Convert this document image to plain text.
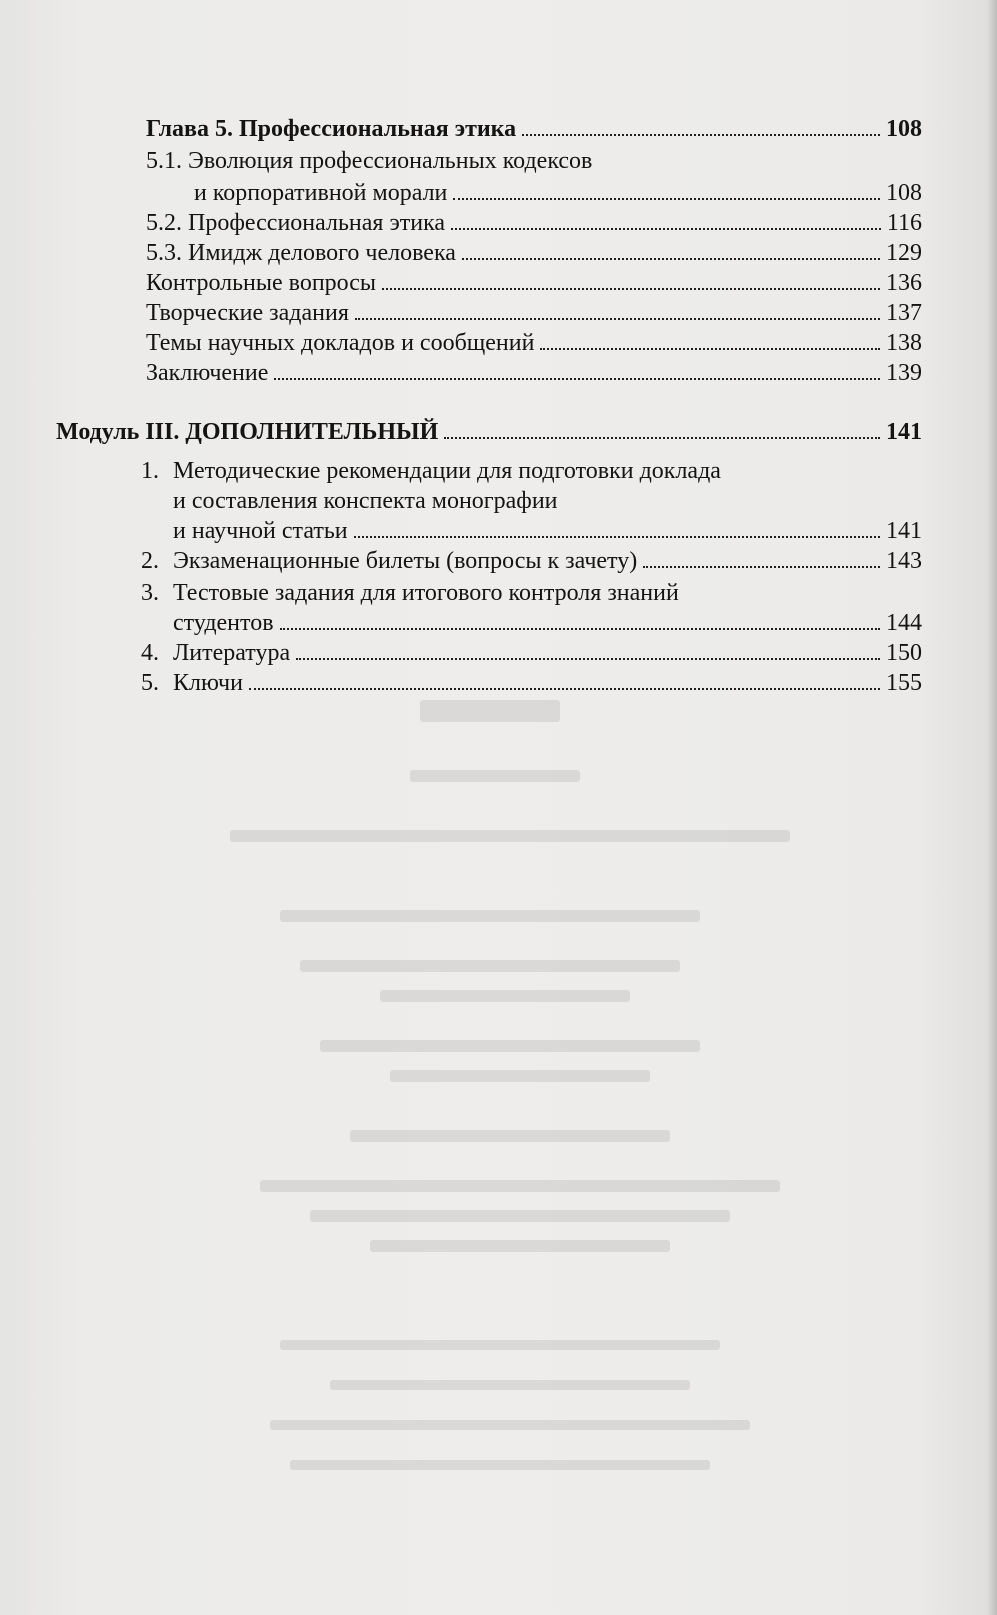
Глава 5. Профессиональная этика	108
5.1. Эволюция профессиональных кодексов
и корпоративной морали	108
5.2. Профессиональная этика	116
5.3. Имидж делового человека	129
Контрольные вопросы	136
Творческие задания	137
Темы научных докладов и сообщений	138
Заключение	139
Модуль III. ДОПОЛНИТЕЛЬНЫЙ	141
1. Методические рекомендации для подготовки доклада
и составления конспекта монографии
и научной статьи	141
2. Экзаменационные билеты (вопросы к зачету)	143
3. Тестовые задания для итогового контроля знаний
студентов	144
4. Литература	150
5. Ключи	155
